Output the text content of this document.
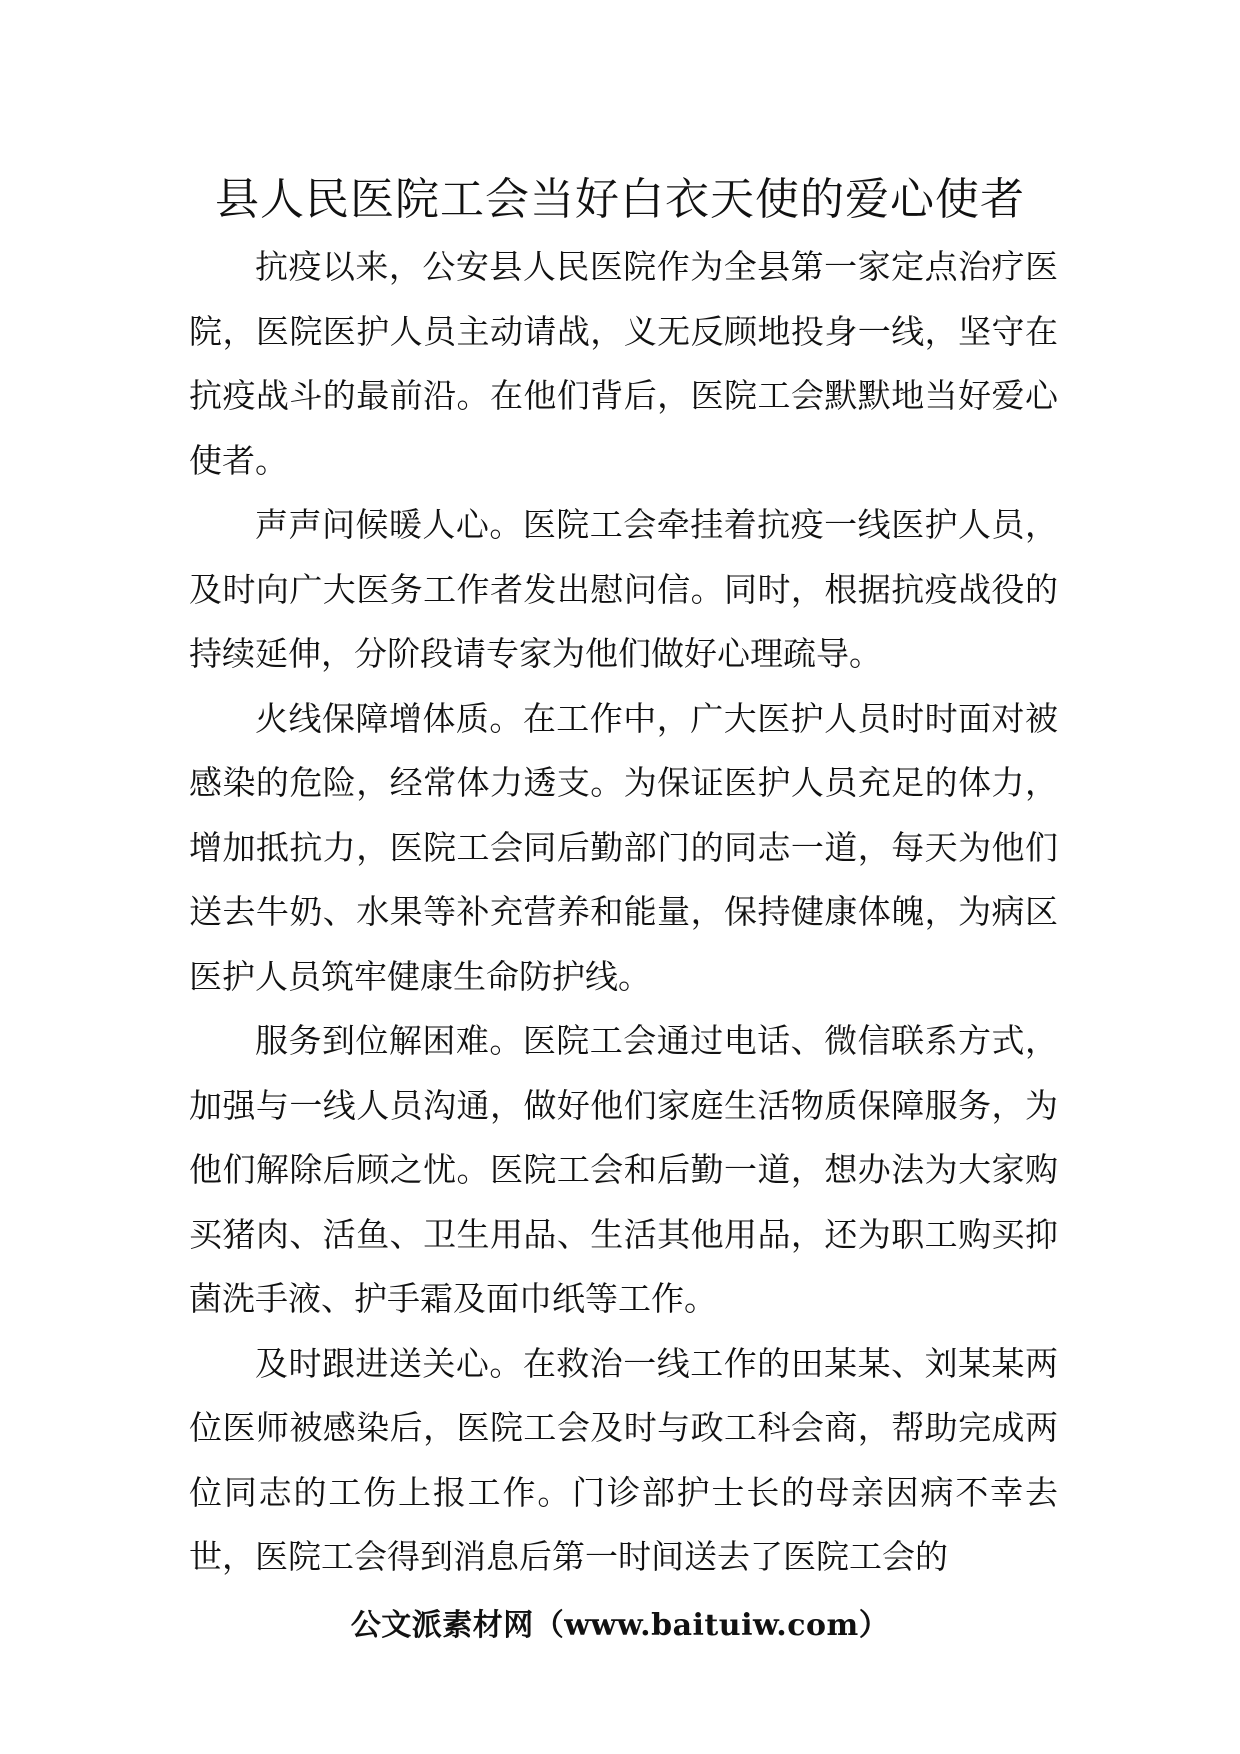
县人民医院工会当好白衣天使的爱心使者

抗疫以来，公安县人民医院作为全县第一家定点治疗医院，医院医护人员主动请战，义无反顾地投身一线，坚守在抗疫战斗的最前沿。在他们背后，医院工会默默地当好爱心使者。

声声问候暖人心。医院工会牵挂着抗疫一线医护人员，及时向广大医务工作者发出慰问信。同时，根据抗疫战役的持续延伸，分阶段请专家为他们做好心理疏导。

火线保障增体质。在工作中，广大医护人员时时面对被感染的危险，经常体力透支。为保证医护人员充足的体力，增加抵抗力，医院工会同后勤部门的同志一道，每天为他们送去牛奶、水果等补充营养和能量，保持健康体魄，为病区医护人员筑牢健康生命防护线。

服务到位解困难。医院工会通过电话、微信联系方式，加强与一线人员沟通，做好他们家庭生活物质保障服务，为他们解除后顾之忧。医院工会和后勤一道，想办法为大家购买猪肉、活鱼、卫生用品、生活其他用品，还为职工购买抑菌洗手液、护手霜及面巾纸等工作。

及时跟进送关心。在救治一线工作的田某某、刘某某两位医师被感染后，医院工会及时与政工科会商，帮助完成两位同志的工伤上报工作。门诊部护士长的母亲因病不幸去世，医院工会得到消息后第一时间送去了医院工会的

公文派素材网（www.baituiw.com）
